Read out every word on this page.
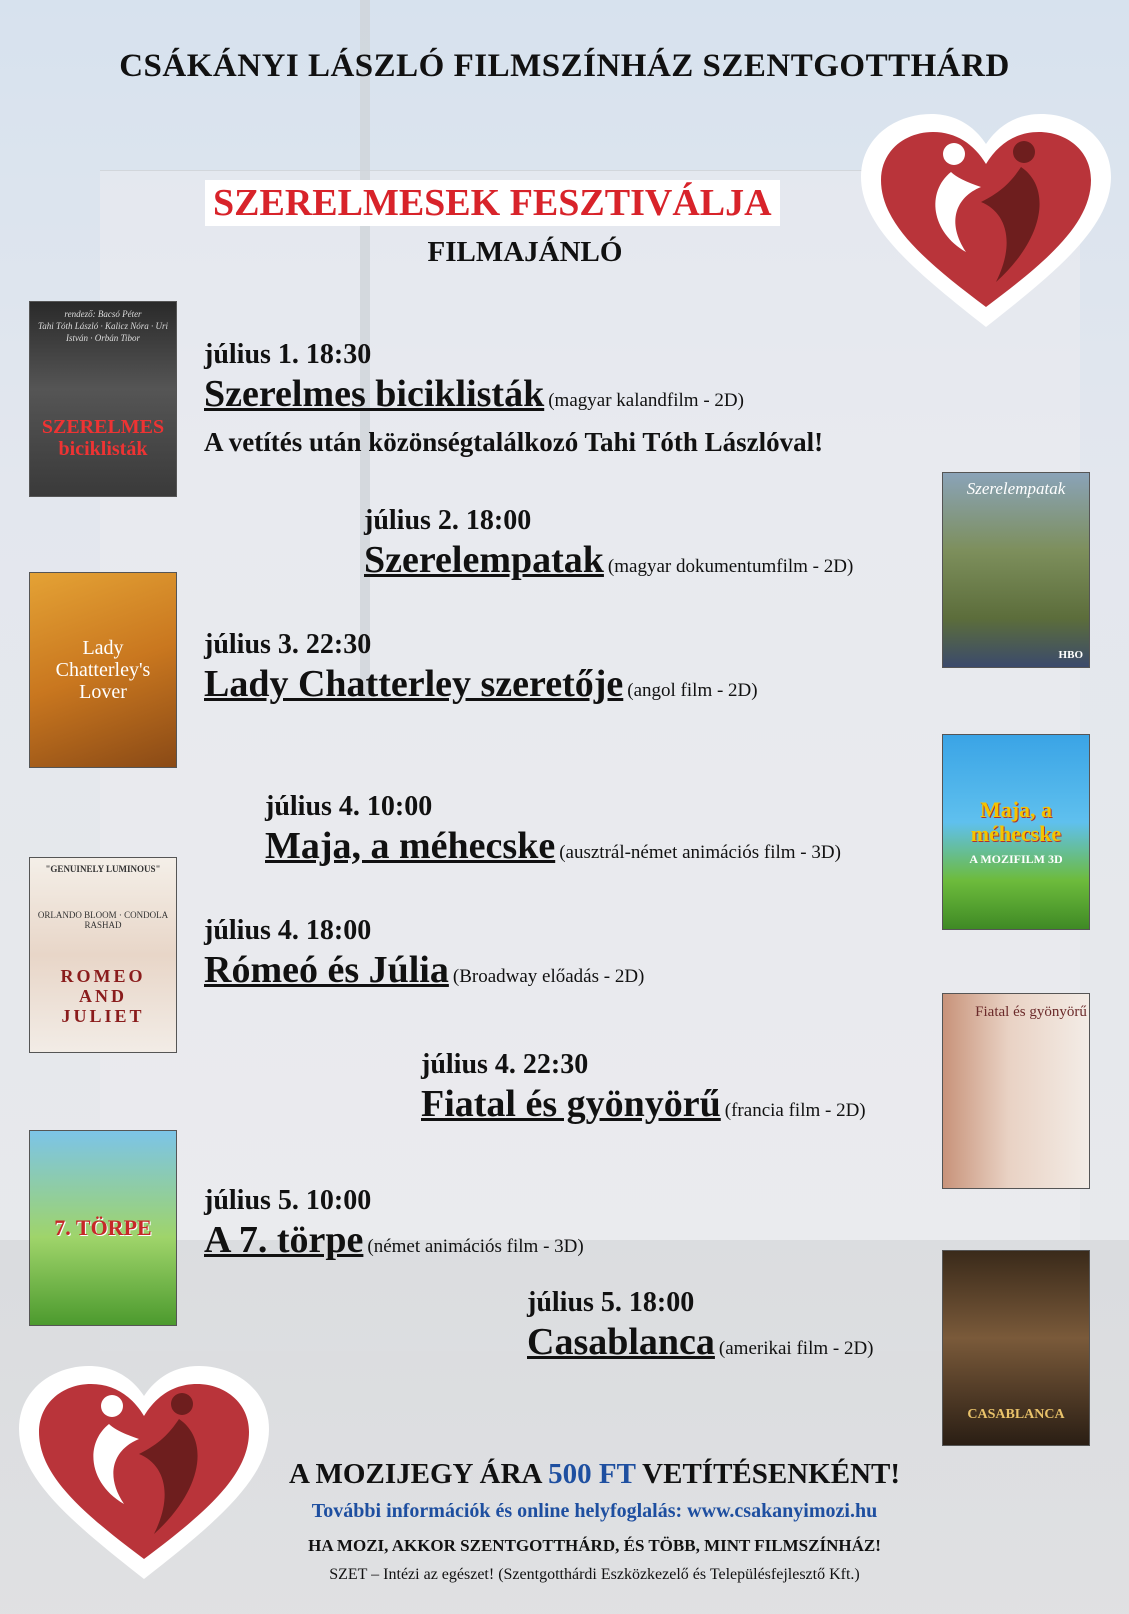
CSÁKÁNYI LÁSZLÓ FILMSZÍNHÁZ SZENTGOTTHÁRD
SZERELMESEK FESZTIVÁLJA
FILMAJÁNLÓ
rendező: Bacsó Péter
Tahi Tóth László · Kalicz Nóra · Uri István · Orbán Tibor
SZERELMES biciklisták
Szerelempatak
HBO
Lady Chatterley's Lover
Maja, a méhecske
A MOZIFILM 3D
"GENUINELY LUMINOUS"
ORLANDO BLOOM · CONDOLA RASHAD
ROMEO AND JULIET	Fiatal és gyönyörű
7. TÖRPE
CASABLANCA
július 1. 18:30
Szerelmes biciklisták (magyar kalandfilm - 2D)
A vetítés után közönségtalálkozó Tahi Tóth Lászlóval!
július 2. 18:00
Szerelempatak (magyar dokumentumfilm - 2D)
július 3. 22:30
Lady Chatterley szeretője (angol film - 2D)
július 4. 10:00
Maja, a méhecske (ausztrál-német animációs film - 3D)
július 4. 18:00
Rómeó és Júlia (Broadway előadás - 2D)
július 4. 22:30
Fiatal és gyönyörű (francia film - 2D)
július 5. 10:00
A 7. törpe (német animációs film - 3D)
július 5. 18:00
Casablanca (amerikai film - 2D)
A MOZIJEGY ÁRA 500 FT VETÍTÉSENKÉNT!
További információk és online helyfoglalás: www.csakanyimozi.hu
HA MOZI, AKKOR SZENTGOTTHÁRD, ÉS TÖBB, MINT FILMSZÍNHÁZ!
SZET – Intézi az egészet! (Szentgotthárdi Eszközkezelő és Településfejlesztő Kft.)
